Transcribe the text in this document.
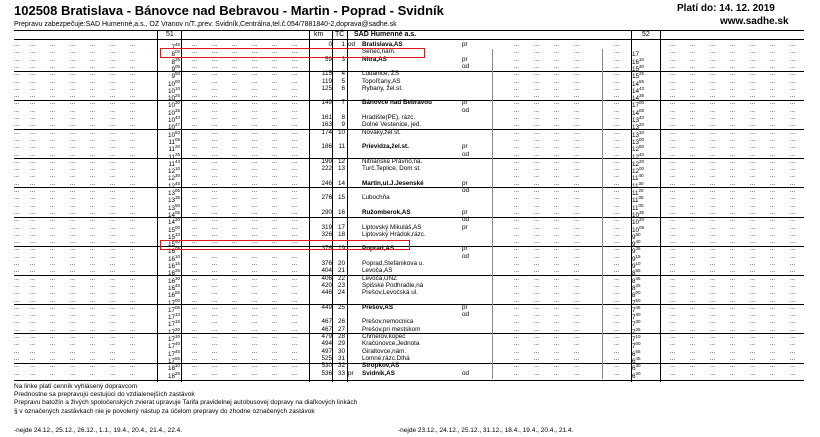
102508 Bratislava - Bánovce nad Bebravou - Martin - Poprad - Svidník	Platí do: 14. 12. 2019
www.sadhe.sk
Prepravu zabezpečuje:SAD Humenné,a.s., OZ Vranov n/T.,prev. Svidník,Centrálna,tel.č.054/7881840-2,doprava@sadhe.sk
51	km TČ SAD Humenné a.s.	52
... ... ... ... ... ... ...	... ... ... ... ... ...	... ... ... ...	...	... ... ... ... ... ... ...
$7^{45}$	0	1 od	Bratislava,AS	pr
... ... ... ... ... ... ...	... ... ... ... ... ...	... ... ... ...	...	... ... ... ... ... ... ...
$8^{02}$	Senec,nám.	17
... ... ... ... ... ... ...	... ... ... ... ... ...	... ... ... ...	...	... ... ... ... ... ... ...
$8^{25}$	59	3	Nitra,AS	pr	$16^{10}$
... ... ... ... ... ... ...	... ... ... ... ... ...	... ... ... ...	...	... ... ... ... ... ... ...
$9^{05}$	od	$15^{30}$
... ... ... ... ... ... ...	... ... ... ... ... ...	... ... ... ...	...	... ... ... ... ... ... ...
$9^{50}$	115	4	Ludanice, ZŠ	$15^{25}$
... ... ... ... ... ... ...	... ... ... ... ... ...	... ... ... ...	...	... ... ... ... ... ... ...
$10^{00}$	119	5	Topoľčany,AS	$14^{55}$
... ... ... ... ... ... ...	... ... ... ... ... ...	... ... ... ...	...	... ... ... ... ... ... ...
$10^{10}$	125	6	Rybany, žel.st.	$14^{43}$
... ... ... ... ... ... ...	... ... ... ... ... ...	... ... ... ...	...	... ... ... ... ... ... ...
$10^{25}$	$14^{35}$
... ... ... ... ... ... ...	... ... ... ... ... ...	... ... ... ...	...	... ... ... ... ... ... ...
$10^{30}$	149	7	Bánovce nad Bebravou	pr	$17^{00}$
... ... ... ... ... ... ...	... ... ... ... ... ...	... ... ... ...	...	... ... ... ... ... ... ...
$10^{35}$	od	$14^{05}$
... ... ... ... ... ... ...	... ... ... ... ... ...	... ... ... ...	...	... ... ... ... ... ... ...
$10^{40}$	161	8	Hradište(PE), rázc.	$13^{40}$
... ... ... ... ... ... ...	... ... ... ... ... ...	... ... ... ...	...	... ... ... ... ... ... ...
$10^{47}$	163	9	Dolné Vestenice, jed.	$13^{20}$
... ... ... ... ... ... ...	... ... ... ... ... ...	... ... ... ...	...	... ... ... ... ... ... ...
$10^{53}$	174 10	Nováky,žel.st.	$13^{10}$
... ... ... ... ... ... ...	... ... ... ... ... ...	... ... ... ...	...	... ... ... ... ... ... ...
$11^{05}$	$13^{00}$
... ... ... ... ... ... ...	... ... ... ... ... ...	... ... ... ...	...	... ... ... ... ... ... ...
$11^{20}$	186	11	Prievidza,žel.st.	pr	$12^{50}$
... ... ... ... ... ... ...	... ... ... ... ... ...	... ... ... ...	...	... ... ... ... ... ... ...
$11^{25}$	od	$12^{40}$
... ... ... ... ... ... ...	... ... ... ... ... ...	... ... ... ...	...	... ... ... ... ... ... ...
$11^{43}$	199 12	Nitrianske Pravno,ná.	$12^{20}$
... ... ... ... ... ... ...	... ... ... ... ... ...	... ... ... ...	...	... ... ... ... ... ... ...
$12^{10}$	222 13	Turč.Teplice, Dom st.	$12^{00}$
... ... ... ... ... ... ...	... ... ... ... ... ...	... ... ... ...	...	... ... ... ... ... ... ...
$12^{30}$	$11^{40}$
... ... ... ... ... ... ...	... ... ... ... ... ...	... ... ... ...	...	... ... ... ... ... ... ...
$12^{45}$	246 14	Martin,ul.J.Jesenské	pr	$11^{30}$
... ... ... ... ... ... ...	... ... ... ... ... ...	... ... ... ...	...	... ... ... ... ... ... ...
$13^{05}$	od	$11^{20}$
... ... ... ... ... ... ...	... ... ... ... ... ...	... ... ... ...	...	... ... ... ... ... ... ...
$13^{35}$	276 15	Ľubochňa	$11^{05}$
... ... ... ... ... ... ...	... ... ... ... ... ...	... ... ... ...	...	... ... ... ... ... ... ...
$13^{50}$	$11^{00}$
... ... ... ... ... ... ...	... ... ... ... ... ...	... ... ... ...	...	... ... ... ... ... ... ...
$14^{05}$	290 16	Ružomberok,AS	pr	$10^{35}$
... ... ... ... ... ... ...	... ... ... ... ... ...	... ... ... ...	...	... ... ... ... ... ... ...
$14^{20}$	od	$10^{20}$
... ... ... ... ... ... ...	... ... ... ... ... ...	... ... ... ...	...	... ... ... ... ... ... ...
$15^{00}$	319 17	Liptovský Mikuláš,AS	pr	$10^{05}$
... ... ... ... ... ... ...	... ... ... ... ... ...	... ... ... ...	...	... ... ... ... ... ... ...
$15^{10}$	326 18	Liptovský Hrádok,rázc.	$9^{50}$
... ... ... ... ... ... ...	... ... ... ... ... ...	... ... ... ...	...	... ... ... ... ... ... ...
$15^{50}$	$9^{40}$
... ... ... ... ... ... ...	... ... ... ... ... ...	... ... ... ...	...	... ... ... ... ... ... ...
$16^{05}$	376 19	Poprad,AS	pr	$9^{35}$
... ... ... ... ... ... ...	... ... ... ... ... ...	... ... ... ...	...	... ... ... ... ... ... ...
$16^{10}$	od	$9^{15}$
... ... ... ... ... ... ...	... ... ... ... ... ...	... ... ... ...	...	... ... ... ... ... ... ...
$16^{15}$	376 20	Poprad,Štefánikova u.	$9^{10}$
... ... ... ... ... ... ...	... ... ... ... ... ...	... ... ... ...	...	... ... ... ... ... ... ...
$16^{25}$	404 21	Levoča,AS	$8^{55}$
... ... ... ... ... ... ...	... ... ... ... ... ...	... ... ... ...	...	... ... ... ... ... ... ...
$16^{30}$	406 22	Levoča,UNZ	$8^{45}$
... ... ... ... ... ... ...	... ... ... ... ... ...	... ... ... ...	...	... ... ... ... ... ... ...
$16^{45}$	420 23	Spišské Podhradie,ná	$8^{25}$
... ... ... ... ... ... ...	... ... ... ... ... ...	... ... ... ...	...	... ... ... ... ... ... ...
$16^{55}$	446 24	Prešov,Levočská ul.	$8^{00}$
... ... ... ... ... ... ...	... ... ... ... ... ...	... ... ... ...	...	... ... ... ... ... ... ...
$17^{00}$	$7^{50}$
... ... ... ... ... ... ...	... ... ... ... ... ...	... ... ... ...	...	... ... ... ... ... ... ...
$17^{05}$	449 25	Prešov,AS	pr	$7^{45}$
... ... ... ... ... ... ...	... ... ... ... ... ...	... ... ... ...	...	... ... ... ... ... ... ...
$17^{10}$	od	$7^{40}$
... ... ... ... ... ... ...	... ... ... ... ... ...	... ... ... ...	...	... ... ... ... ... ... ...
$17^{15}$	467 26	Prešov,nemocnica	$7^{30}$
... ... ... ... ... ... ...	... ... ... ... ... ...	... ... ... ...	...	... ... ... ... ... ... ...
$17^{20}$	467 27	Prešov,pri mestskom	$7^{25}$
... ... ... ... ... ... ...	... ... ... ... ... ...	... ... ... ...	...	... ... ... ... ... ... ...
$17^{30}$	479 28	Chmeľov,kopec	$7^{10}$
... ... ... ... ... ... ...	... ... ... ... ... ...	... ... ... ...	...	... ... ... ... ... ... ...
$17^{40}$	494 29	Kračúnovce,Jednota	$7^{00}$
... ... ... ... ... ... ...	... ... ... ... ... ...	... ... ... ...	...	... ... ... ... ... ... ...
$17^{45}$	497 30	Giraltovce,nám.	$6^{55}$
... ... ... ... ... ... ...	... ... ... ... ... ...	... ... ... ...	...	... ... ... ... ... ... ...
$17^{55}$	525 31	Lomné,rázc.Dlhá	$6^{45}$
... ... ... ... ... ... ...	... ... ... ... ... ...	... ... ... ...	...	... ... ... ... ... ... ...
$18^{10}$	530 32	Stropkov,AS	$6^{30}$
... ... ... ... ... ... ...	... ... ... ... ... ...	... ... ... ...	...	... ... ... ... ... ... ...
$18^{25}$	536 33 pr	Svidník,AS	od	$6^{20}$
Na linke platí cenník vyhlásený dopravcom
Prednostne sa prepravujú cestujúci do vzdialenejších zastávok
Prepravu batožín a živých spoločenských zvierat upravuje Tarifa pravidelnej autobusovej dopravy na diaľkových linkách
§ v označených zastávkach nie je povolený nástup za účelom prepravy do zhodne označených zastávok
-nejde 24.12., 25.12., 26.12., 1.1., 19.4., 20.4., 21.4., 22.4.	-nejde 23.12., 24.12., 25.12., 31.12., 18.4., 19.4., 20.4., 21.4.
